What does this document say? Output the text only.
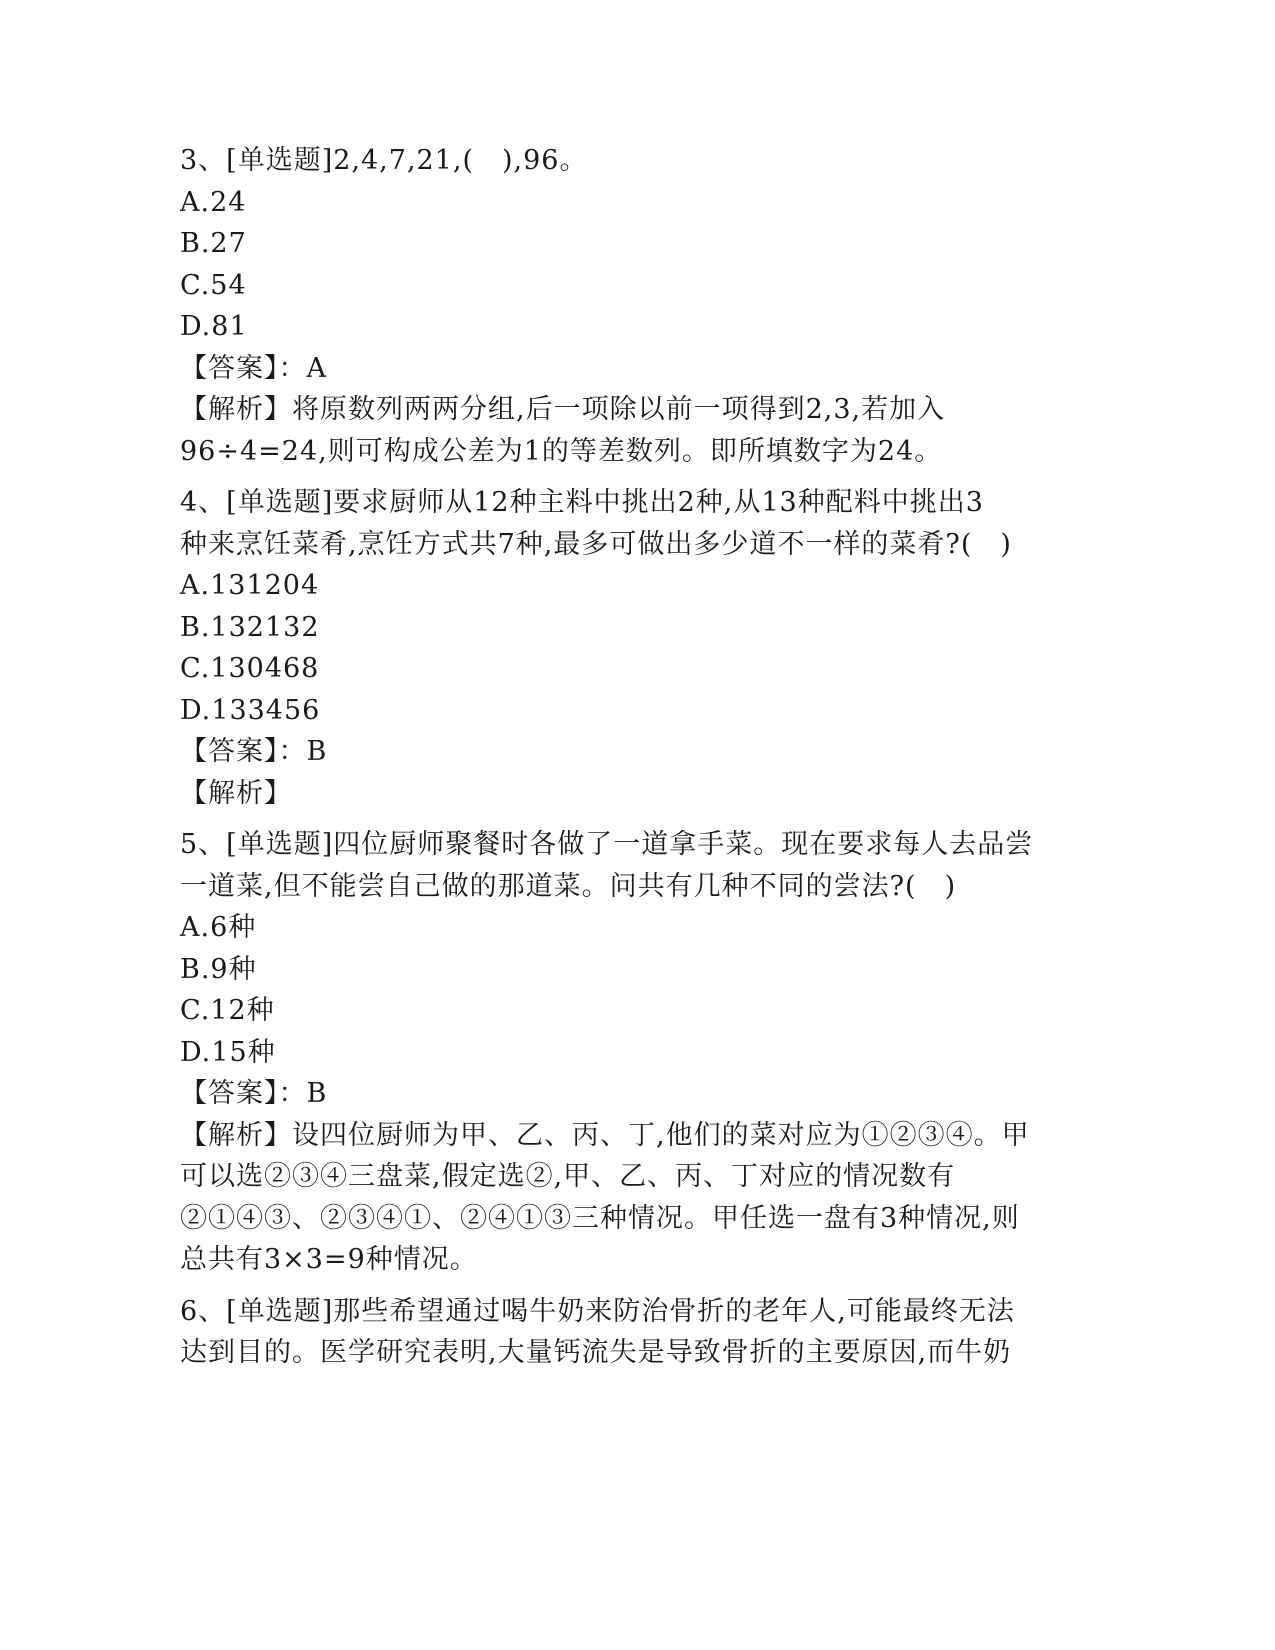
3、[单选题]2,4,7,21,(　),96。
A.24
B.27
C.54
D.81
【答案】：A
【解析】将原数列两两分组,后一项除以前一项得到2,3,若加入
96÷4=24,则可构成公差为1的等差数列。即所填数字为24。
4、[单选题]要求厨师从12种主料中挑出2种,从13种配料中挑出3
种来烹饪菜肴,烹饪方式共7种,最多可做出多少道不一样的菜肴?(　)
A.131204
B.132132
C.130468
D.133456
【答案】：B
【解析】
5、[单选题]四位厨师聚餐时各做了一道拿手菜。现在要求每人去品尝
一道菜,但不能尝自己做的那道菜。问共有几种不同的尝法?(　)
A.6种
B.9种
C.12种
D.15种
【答案】：B
【解析】设四位厨师为甲、乙、丙、丁,他们的菜对应为①②③④。甲
可以选②③④三盘菜,假定选②,甲、乙、丙、丁对应的情况数有
②①④③、②③④①、②④①③三种情况。甲任选一盘有3种情况,则
总共有3×3=9种情况。
6、[单选题]那些希望通过喝牛奶来防治骨折的老年人,可能最终无法
达到目的。医学研究表明,大量钙流失是导致骨折的主要原因,而牛奶
